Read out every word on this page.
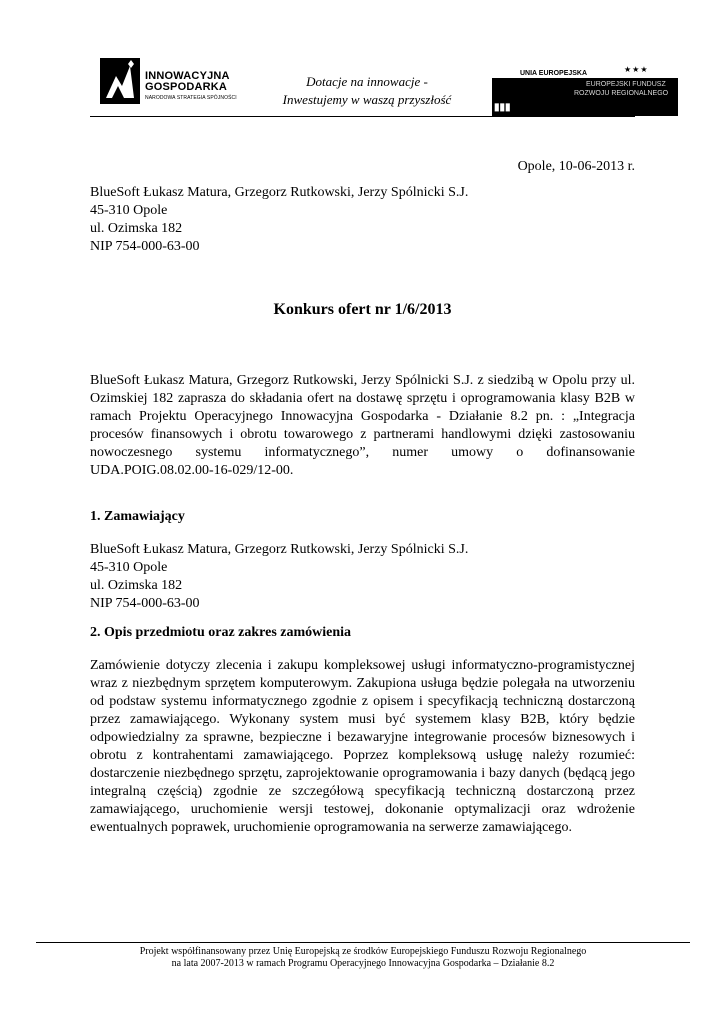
INNOWACYJNA
GOSPODARKA
NARODOWA STRATEGIA SPÓJNOŚCI
Dotacje na innowacje -
Inwestujemy w waszą przyszłość
UNIA EUROPEJSKA	★★★
EUROPEJSKI FUNDUSZ
ROZWOJU REGIONALNEGO
▮▮▮
Opole, 10-06-2013 r.
BlueSoft Łukasz Matura, Grzegorz Rutkowski, Jerzy Spólnicki S.J.
45-310 Opole
ul. Ozimska 182
NIP 754-000-63-00
Konkurs ofert nr 1/6/2013
BlueSoft Łukasz Matura, Grzegorz Rutkowski, Jerzy Spólnicki S.J. z siedzibą w Opolu przy ul. Ozimskiej 182 zaprasza do składania ofert na dostawę sprzętu i oprogramowania klasy B2B w ramach Projektu Operacyjnego Innowacyjna Gospodarka - Działanie 8.2 pn. : „Integracja procesów finansowych i obrotu towarowego z partnerami handlowymi dzięki zastosowaniu nowoczesnego systemu informatycznego”, numer umowy o dofinansowanie UDA.POIG.08.02.00-16-029/12-00.
1. Zamawiający
BlueSoft Łukasz Matura, Grzegorz Rutkowski, Jerzy Spólnicki S.J.
45-310 Opole
ul. Ozimska 182
NIP 754-000-63-00
2. Opis przedmiotu oraz zakres zamówienia
Zamówienie dotyczy zlecenia i zakupu kompleksowej usługi informatyczno-programistycznej wraz z niezbędnym sprzętem komputerowym. Zakupiona usługa będzie polegała na utworzeniu od podstaw systemu informatycznego zgodnie z opisem i specyfikacją techniczną dostarczoną przez zamawiającego. Wykonany system musi być systemem klasy B2B, który będzie odpowiedzialny za sprawne, bezpieczne i bezawaryjne integrowanie procesów biznesowych i obrotu z kontrahentami zamawiającego. Poprzez kompleksową usługę należy rozumieć: dostarczenie niezbędnego sprzętu, zaprojektowanie oprogramowania i bazy danych (będącą jego integralną częścią) zgodnie ze szczegółową specyfikacją techniczną dostarczoną przez zamawiającego, uruchomienie wersji testowej, dokonanie optymalizacji oraz wdrożenie ewentualnych poprawek, uruchomienie oprogramowania na serwerze zamawiającego.
Projekt współfinansowany przez Unię Europejską ze środków Europejskiego Funduszu Rozwoju Regionalnego
na lata 2007-2013 w ramach Programu Operacyjnego Innowacyjna Gospodarka – Działanie 8.2
